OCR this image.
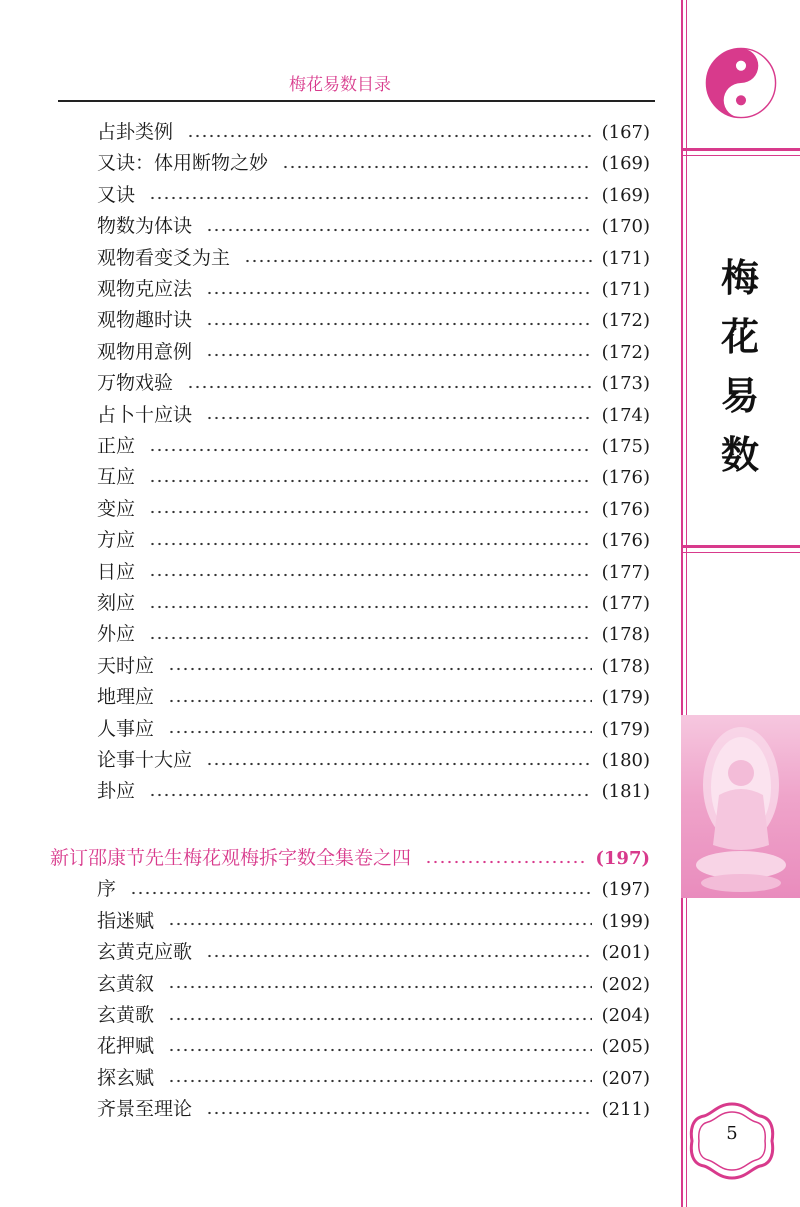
梅花易数目录
占卦类例	(167)
又诀：体用断物之妙	(169)
又诀	(169)
物数为体诀	(170)
观物看变爻为主	(171)
观物克应法	(171)
观物趣时诀	(172)
观物用意例	(172)
万物戏验	(173)
占卜十应诀	(174)
正应	(175)
互应	(176)
变应	(176)
方应	(176)
日应	(177)
刻应	(177)
外应	(178)
天时应	(178)
地理应	(179)
人事应	(179)
论事十大应	(180)
卦应	(181)
新订邵康节先生梅花观梅拆字数全集卷之四	(197)
序	(197)
指迷赋	(199)
玄黄克应歌	(201)
玄黄叙	(202)
玄黄歌	(204)
花押赋	(205)
探玄赋	(207)
齐景至理论	(211)
梅
花
易
数
5
